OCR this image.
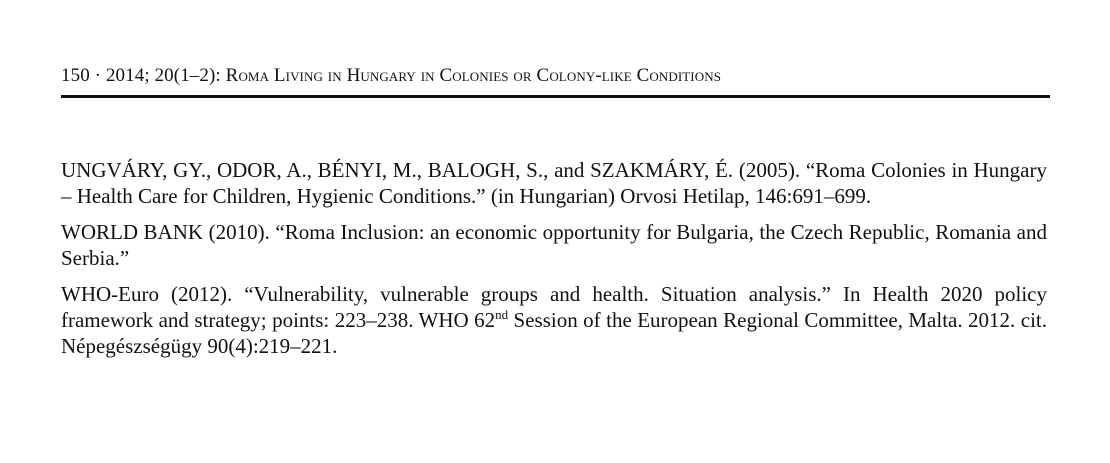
150 · 2014; 20(1–2): Roma Living in Hungary in Colonies or Colony-like Conditions

UNGVÁRY, GY., ODOR, A., BÉNYI, M., BALOGH, S., and SZAKMÁRY, É. (2005). “Roma Colonies in Hungary – Health Care for Children, Hygienic Conditions.” (in Hungarian) Orvosi Hetilap, 146:691–699.

WORLD BANK (2010). “Roma Inclusion: an economic opportunity for Bulgaria, the Czech Republic, Romania and Serbia.”

WHO-Euro (2012). “Vulnerability, vulnerable groups and health. Situation analysis.” In Health 2020 policy framework and strategy; points: 223–238. WHO 62nd Session of the European Regional Committee, Malta. 2012. cit. Népegészségügy 90(4):219–221.
